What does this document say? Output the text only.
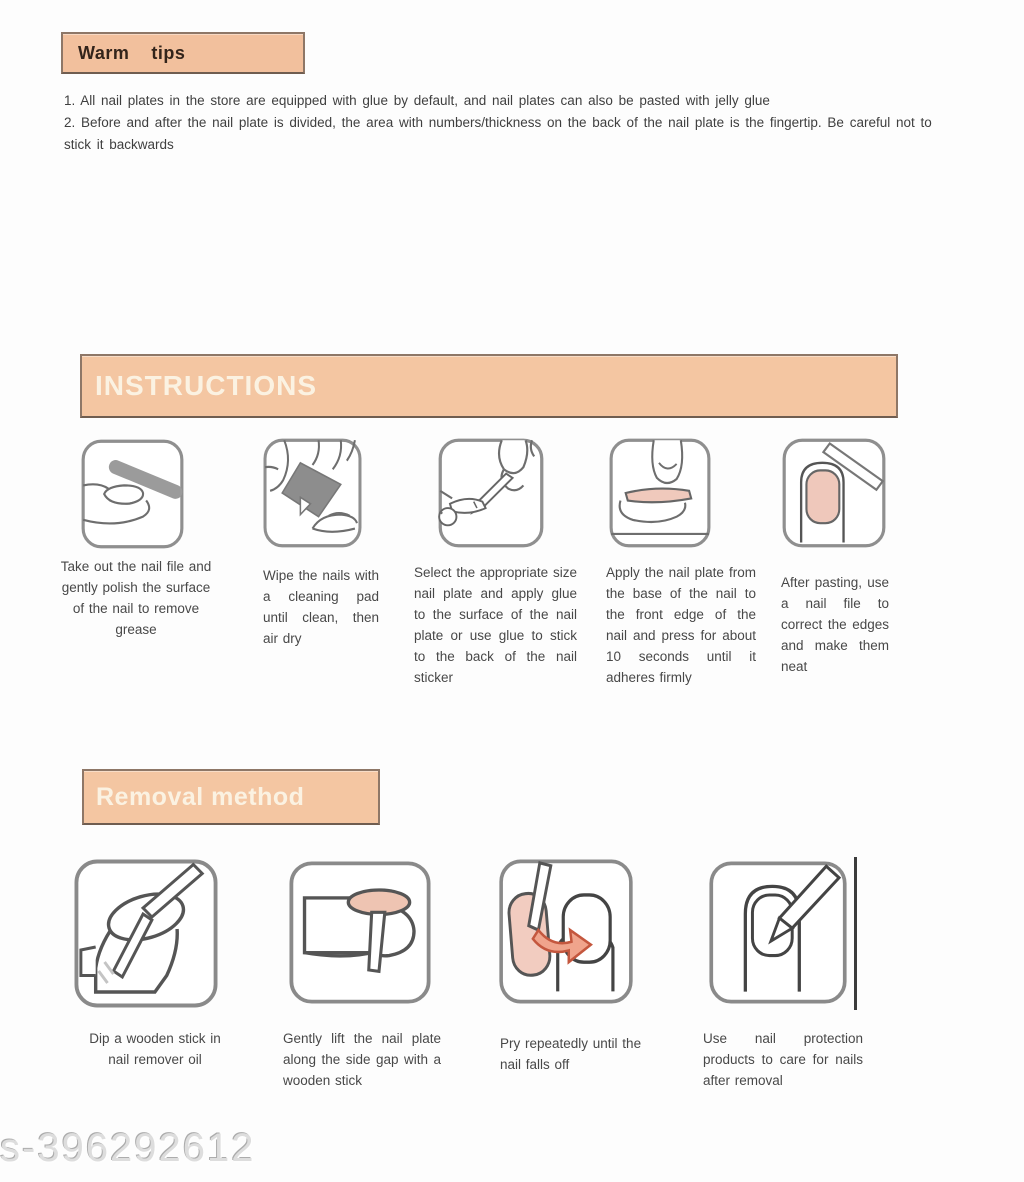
Warm    tips
1. All nail plates in the store are equipped with glue by default, and nail plates can also be pasted with jelly glue
2. Before and after the nail plate is divided, the area with numbers/thickness on the back of the nail plate is the fingertip. Be careful not to stick it backwards
INSTRUCTIONS
Take out the nail file and gently polish the surface of the nail to remove grease
Wipe the nails with a cleaning pad until clean, then air dry
Select the appropriate size nail plate and apply glue to the surface of the nail plate or use glue to stick to the back of the nail sticker
Apply the nail plate from the base of the nail to the front edge of the nail and press for about 10 seconds until it adheres firmly
After pasting, use a nail file to correct the edges and make them neat
Removal method
Dip a wooden stick in nail remover oil
Gently lift the nail plate along the side gap with a wooden stick
Pry repeatedly until the nail falls off
Use nail protection products to care for nails after removal
s-396292612
